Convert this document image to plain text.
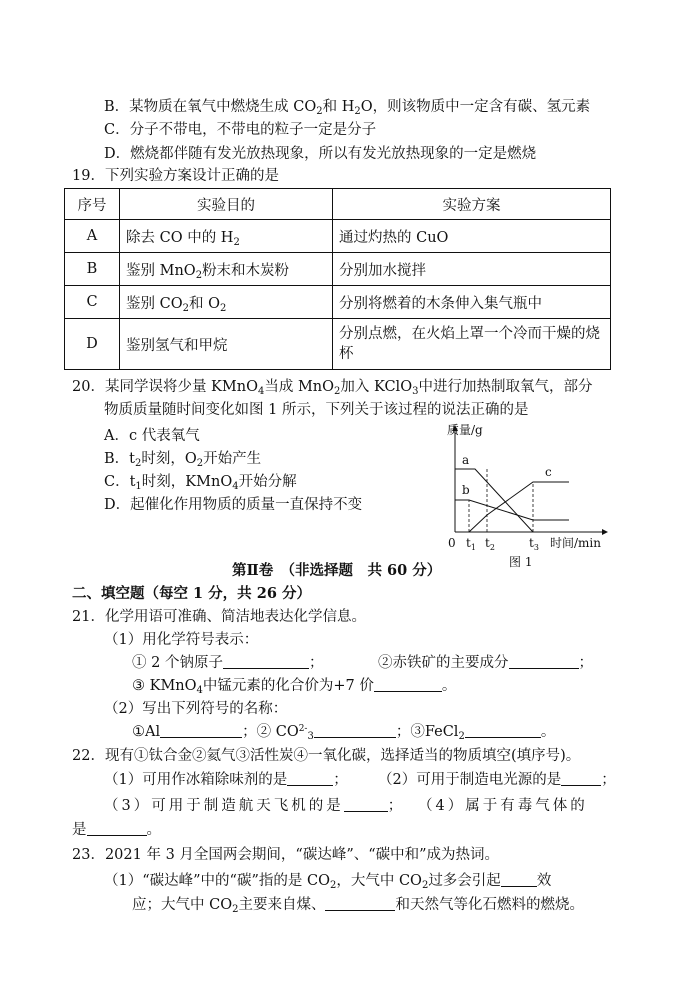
B．某物质在氧气中燃烧生成 $CO_2$和 $H_2O$，则该物质中一定含有碳、氢元素
C．分子不带电，不带电的粒子一定是分子
D．燃烧都伴随有发光放热现象，所以有发光放热现象的一定是燃烧
19．下列实验方案设计正确的是
序号	实验目的	实验方案
A	除去 CO 中的 $H_2$	通过灼热的 CuO
B	鉴别 MnO$_2$粉末和木炭粉	分别加水搅拌
C	鉴别 $CO_2$和 $O_2$	分别将燃着的木条伸入集气瓶中
D	鉴别氢气和甲烷	分别点燃，在火焰上罩一个冷而干燥的烧杯
20．某同学误将少量 KMnO$_4$当成 MnO$_2$加入 KClO$_3$中进行加热制取氧气，部分
物质质量随时间变化如图 1 所示，下列关于该过程的说法正确的是
A．c 代表氧气
B．$t_2$时刻，$O_2$开始产生
C．$t_1$时刻，KMnO$_4$开始分解
D．起催化作用物质的质量一直保持不变
质量/g
a
b
c
0 $t_1$ $t_2$	$t_3$ 时间/min
图 1
第Ⅱ卷　（非选择题　共 60 分）
二、填空题（每空 1 分，共 26 分）
21．化学用语可准确、简洁地表达化学信息。
（1）用化学符号表示：
① 2 个钠原子	；	②赤铁矿的主要成分	；
③ KMnO$_4$中锰元素的化合价为+7 价	。
（2）写出下列符号的名称：
①Al	；② $CO^{2-}_3$	；③FeCl$_2$	。
22．现有①钛合金②氦气③活性炭④一氧化碳，选择适当的物质填空(填序号)。
（1）可用作冰箱除味剂的是	； （2）可用于制造电光源的是	；
（3）可用于制造航天飞机的是	； （4）属于有毒气体的
是	。
23．2021 年 3 月全国两会期间，“碳达峰”、“碳中和”成为热词。
（1）“碳达峰”中的“碳”指的是 $CO_2$，大气中 $CO_2$过多会引起 效
应；大气中 $CO_2$主要来自煤、	和天然气等化石燃料的燃烧。
